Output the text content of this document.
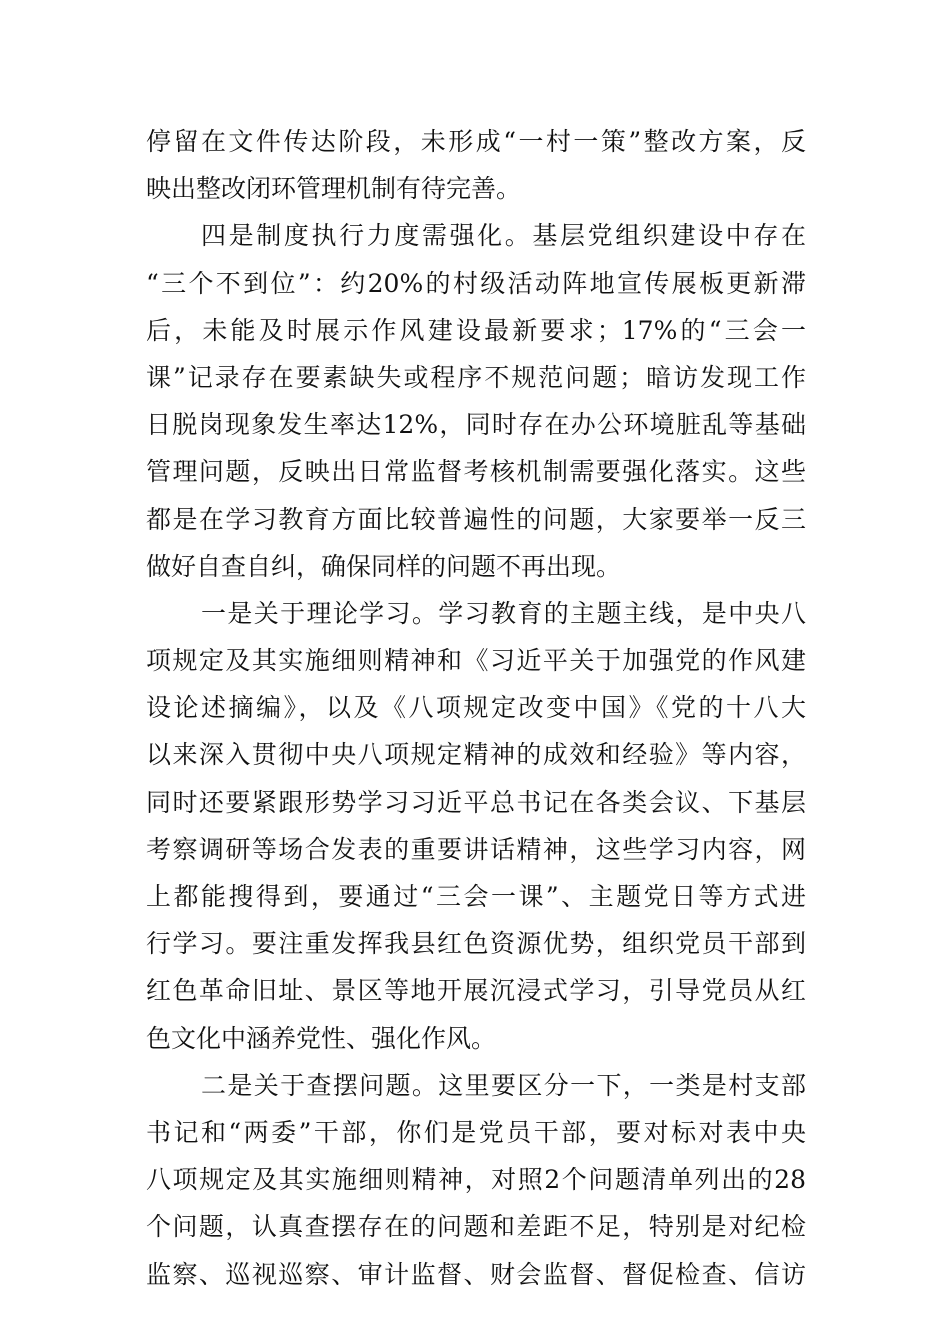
停留在文件传达阶段，未形成“一村一策”整改方案，反
映出整改闭环管理机制有待完善。
四是制度执行力度需强化。基层党组织建设中存在
“三个不到位”：约20%的村级活动阵地宣传展板更新滞
后，未能及时展示作风建设最新要求；17%的“三会一
课”记录存在要素缺失或程序不规范问题；暗访发现工作
日脱岗现象发生率达12%，同时存在办公环境脏乱等基础
管理问题，反映出日常监督考核机制需要强化落实。这些
都是在学习教育方面比较普遍性的问题，大家要举一反三
做好自查自纠，确保同样的问题不再出现。
一是关于理论学习。学习教育的主题主线，是中央八
项规定及其实施细则精神和《习近平关于加强党的作风建
设论述摘编》，以及《八项规定改变中国》《党的十八大
以来深入贯彻中央八项规定精神的成效和经验》等内容，
同时还要紧跟形势学习习近平总书记在各类会议、下基层
考察调研等场合发表的重要讲话精神，这些学习内容，网
上都能搜得到，要通过“三会一课”、主题党日等方式进
行学习。要注重发挥我县红色资源优势，组织党员干部到
红色革命旧址、景区等地开展沉浸式学习，引导党员从红
色文化中涵养党性、强化作风。
二是关于查摆问题。这里要区分一下，一类是村支部
书记和“两委”干部，你们是党员干部，要对标对表中央
八项规定及其实施细则精神，对照2个问题清单列出的28
个问题，认真查摆存在的问题和差距不足，特别是对纪检
监察、巡视巡察、审计监督、财会监督、督促检查、信访
